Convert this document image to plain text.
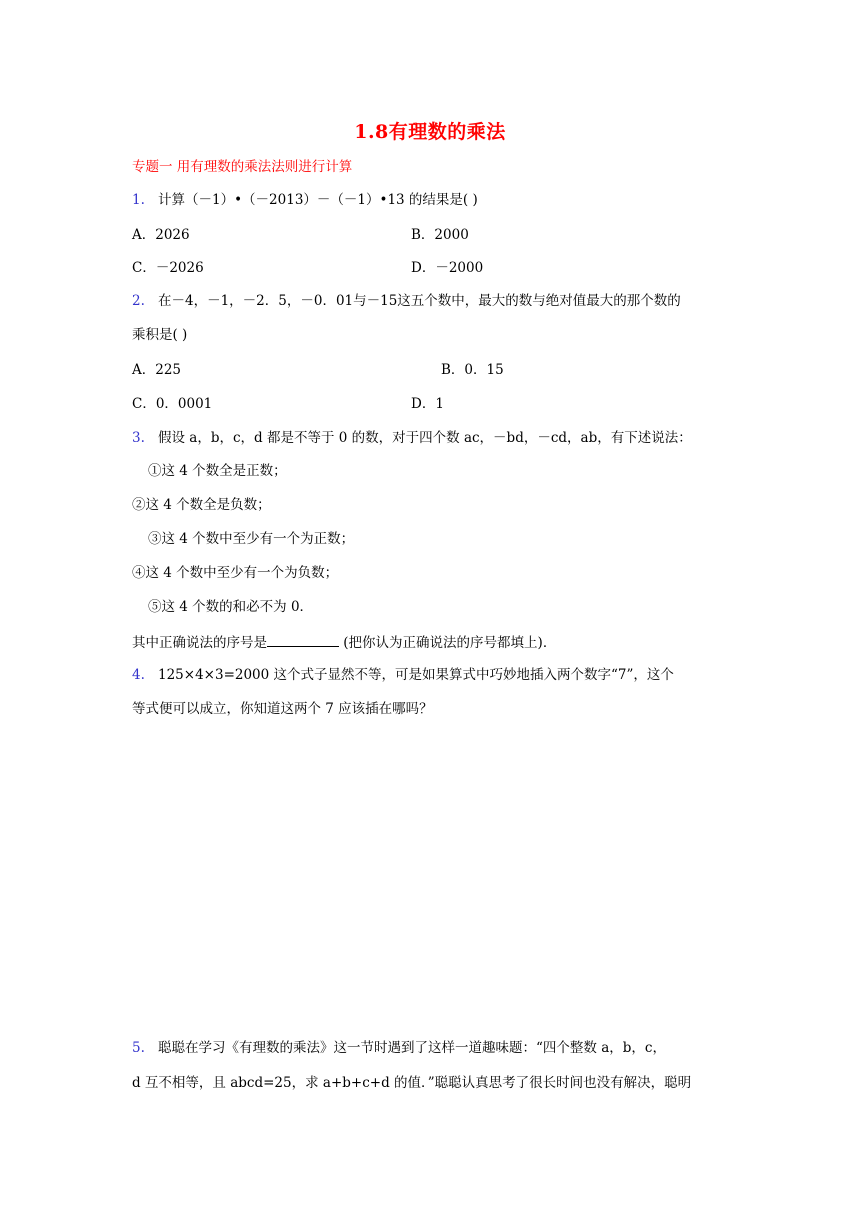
1.8有理数的乘法
专题一 用有理数的乘法法则进行计算
1. 计算（－1）•（－2013）－（－1）•13 的结果是( )
A．2026	B．2000
C．－2026	D．－2000
2. 在－4，－1，－2．5，－0．01与－15这五个数中，最大的数与绝对值最大的那个数的
乘积是( )
A．225	B．0．15
C．0．0001	D．1
3. 假设 a，b，c，d 都是不等于 0 的数，对于四个数 ac，－bd，－cd，ab，有下述说法：
①这 4 个数全是正数；
②这 4 个数全是负数；
③这 4 个数中至少有一个为正数；
④这 4 个数中至少有一个为负数；
⑤这 4 个数的和必不为 0．
其中正确说法的序号是	(把你认为正确说法的序号都填上)．
4. 125×4×3=2000 这个式子显然不等，可是如果算式中巧妙地插入两个数字“7”，这个
等式便可以成立，你知道这两个 7 应该插在哪吗？
5. 聪聪在学习《有理数的乘法》这一节时遇到了这样一道趣味题：“四个整数 a，b，c，
d 互不相等，且 abcd=25，求 a+b+c+d 的值．”聪聪认真思考了很长时间也没有解决，聪明
